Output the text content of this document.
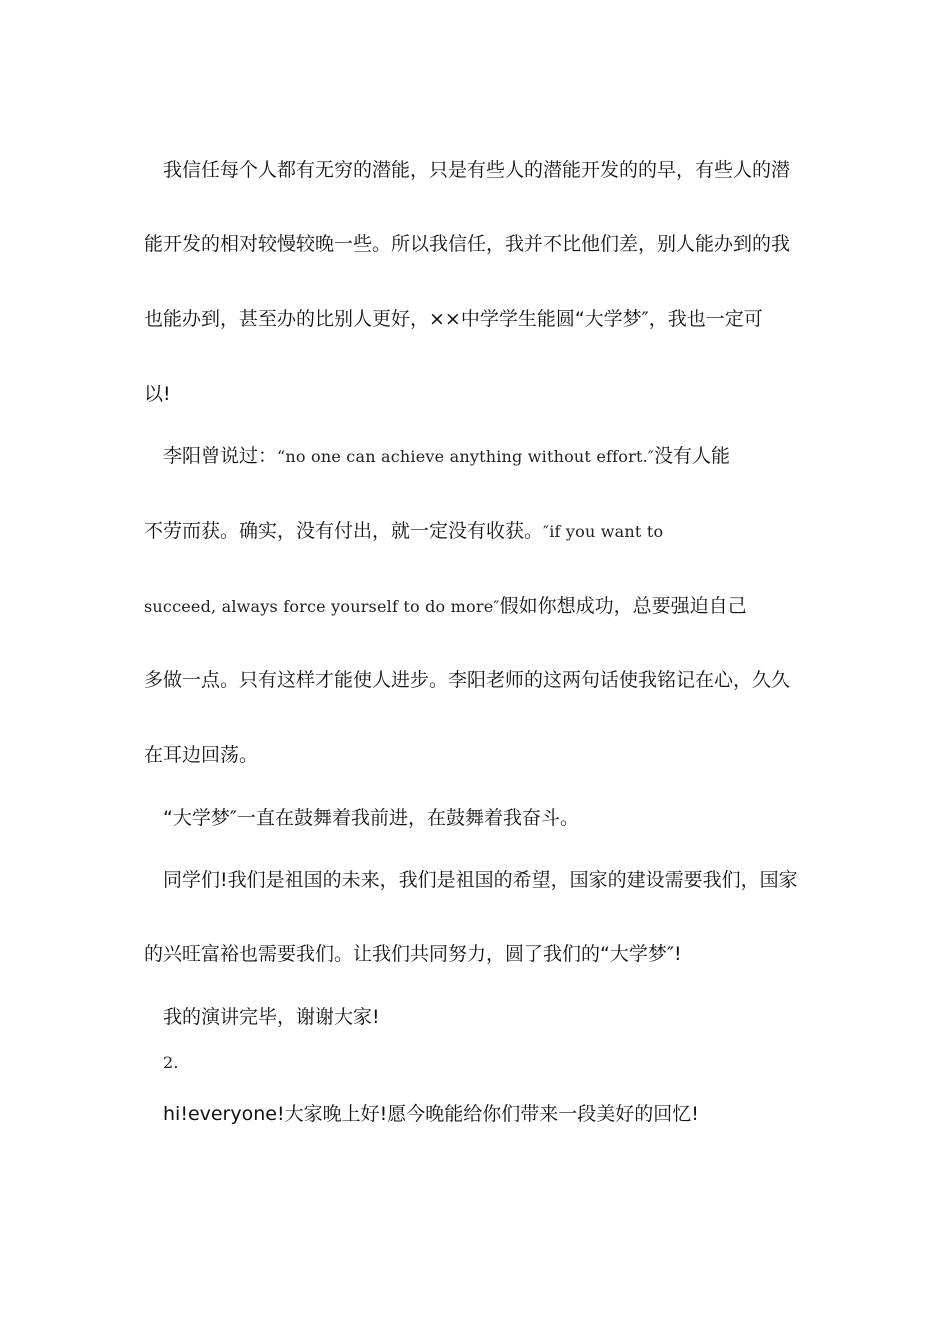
我信任每个人都有无穷的潜能，只是有些人的潜能开发的的早，有些人的潜

能开发的相对较慢较晚一些。所以我信任，我并不比他们差，别人能办到的我

也能办到，甚至办的比别人更好，××中学学生能圆“大学梦″，我也一定可

以!

李阳曾说过：“no one can achieve anything without effort.″没有人能

不劳而获。确实，没有付出，就一定没有收获。″if you want to

succeed, always force yourself to do more″假如你想成功，总要强迫自己

多做一点。只有这样才能使人进步。李阳老师的这两句话使我铭记在心，久久

在耳边回荡。

“大学梦″一直在鼓舞着我前进，在鼓舞着我奋斗。

同学们!我们是祖国的未来，我们是祖国的希望，国家的建设需要我们，国家

的兴旺富裕也需要我们。让我们共同努力，圆了我们的“大学梦″!

我的演讲完毕，谢谢大家!

2.

hi!everyone!大家晚上好!愿今晚能给你们带来一段美好的回忆!
